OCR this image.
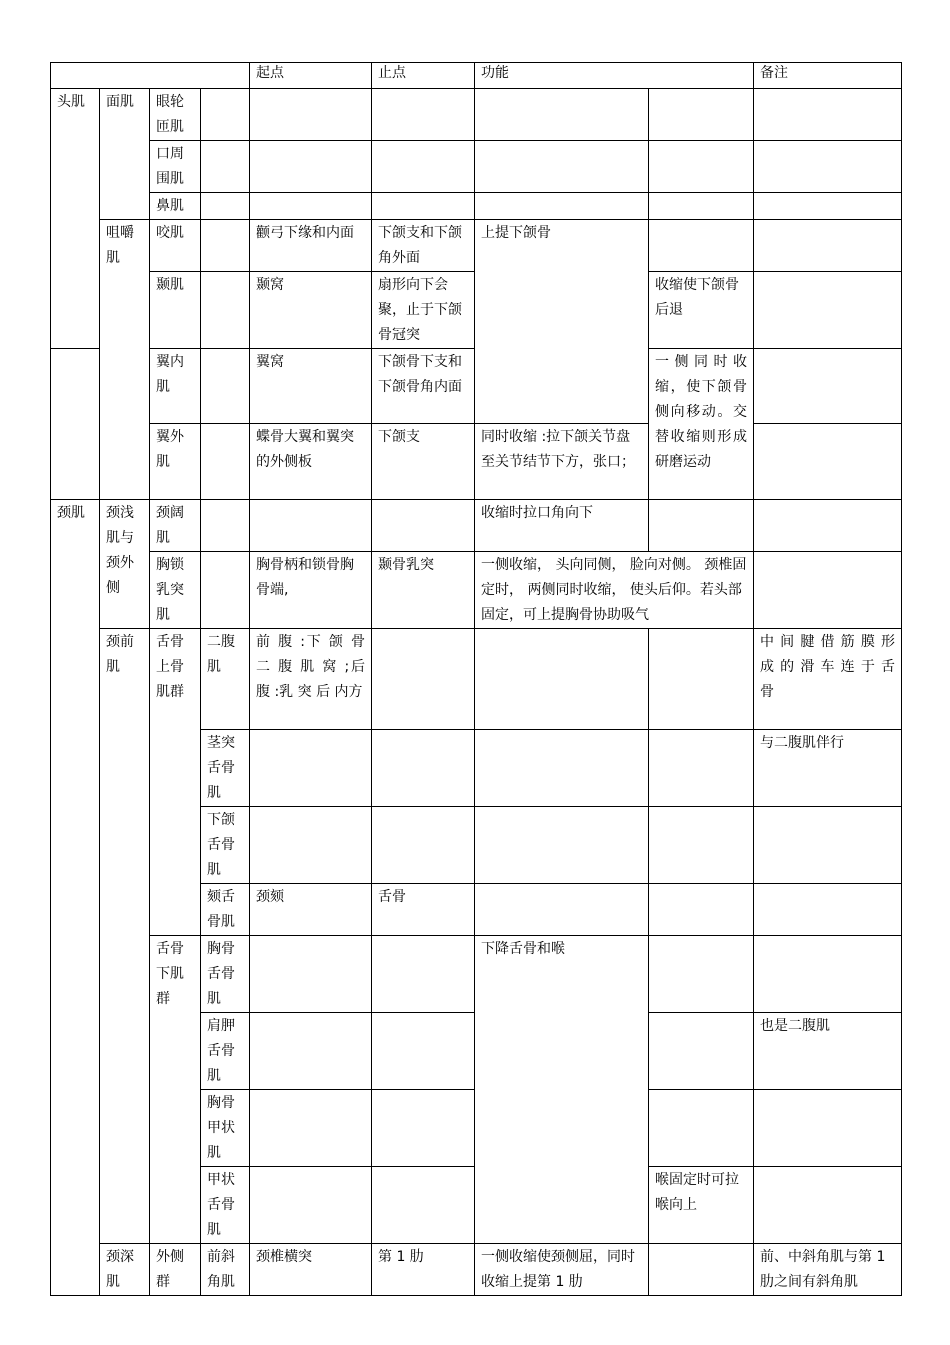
				起点	止点	功能		备注
头肌	面肌	眼轮匝肌						
		口周围肌						
		鼻肌						
	咀嚼肌	咬肌		颧弓下缘和内面	下颌支和下颌角外面	上提下颌骨		
		颞肌		颞窝	扇形向下会聚，止于下颌骨冠突		收缩使下颌骨后退	
		翼内肌		翼窝	下颌骨下支和下颌骨角内面		一侧同时收缩，使下颌骨侧向移动。交替收缩则形成研磨运动	
		翼外肌		蝶骨大翼和翼突的外侧板	下颌支	同时收缩 :拉下颌关节盘至关节结节下方，张口；		
颈肌	颈浅肌与颈外侧	颈阔肌				收缩时拉口角向下		
		胸锁乳突肌		胸骨柄和锁骨胸骨端,	颞骨乳突	一侧收缩， 头向同侧， 脸向对侧。 颈椎固定时， 两侧同时收缩， 使头后仰。若头部固定，可上提胸骨协助吸气		
	颈前肌	舌骨上骨肌群	二腹肌	前 腹 :下 颌 骨 二 腹 肌 窝 ;后 腹 :乳 突 后 内方				中 间 腱 借 筋 膜 形 成 的 滑 车 连 于 舌 骨
			茎突舌骨肌					与二腹肌伴行
			下颌舌骨肌					
			颏舌骨肌	颈颏	舌骨			
		舌骨下肌群	胸骨舌骨肌			下降舌骨和喉		
			肩胛舌骨肌					也是二腹肌
			胸骨甲状肌					
			甲状舌骨肌				喉固定时可拉喉向上	
	颈深肌	外侧群	前斜角肌	颈椎横突	第 1 肋	一侧收缩使颈侧屈，同时收缩上提第 1 肋		前、中斜角肌与第 1肋之间有斜角肌
